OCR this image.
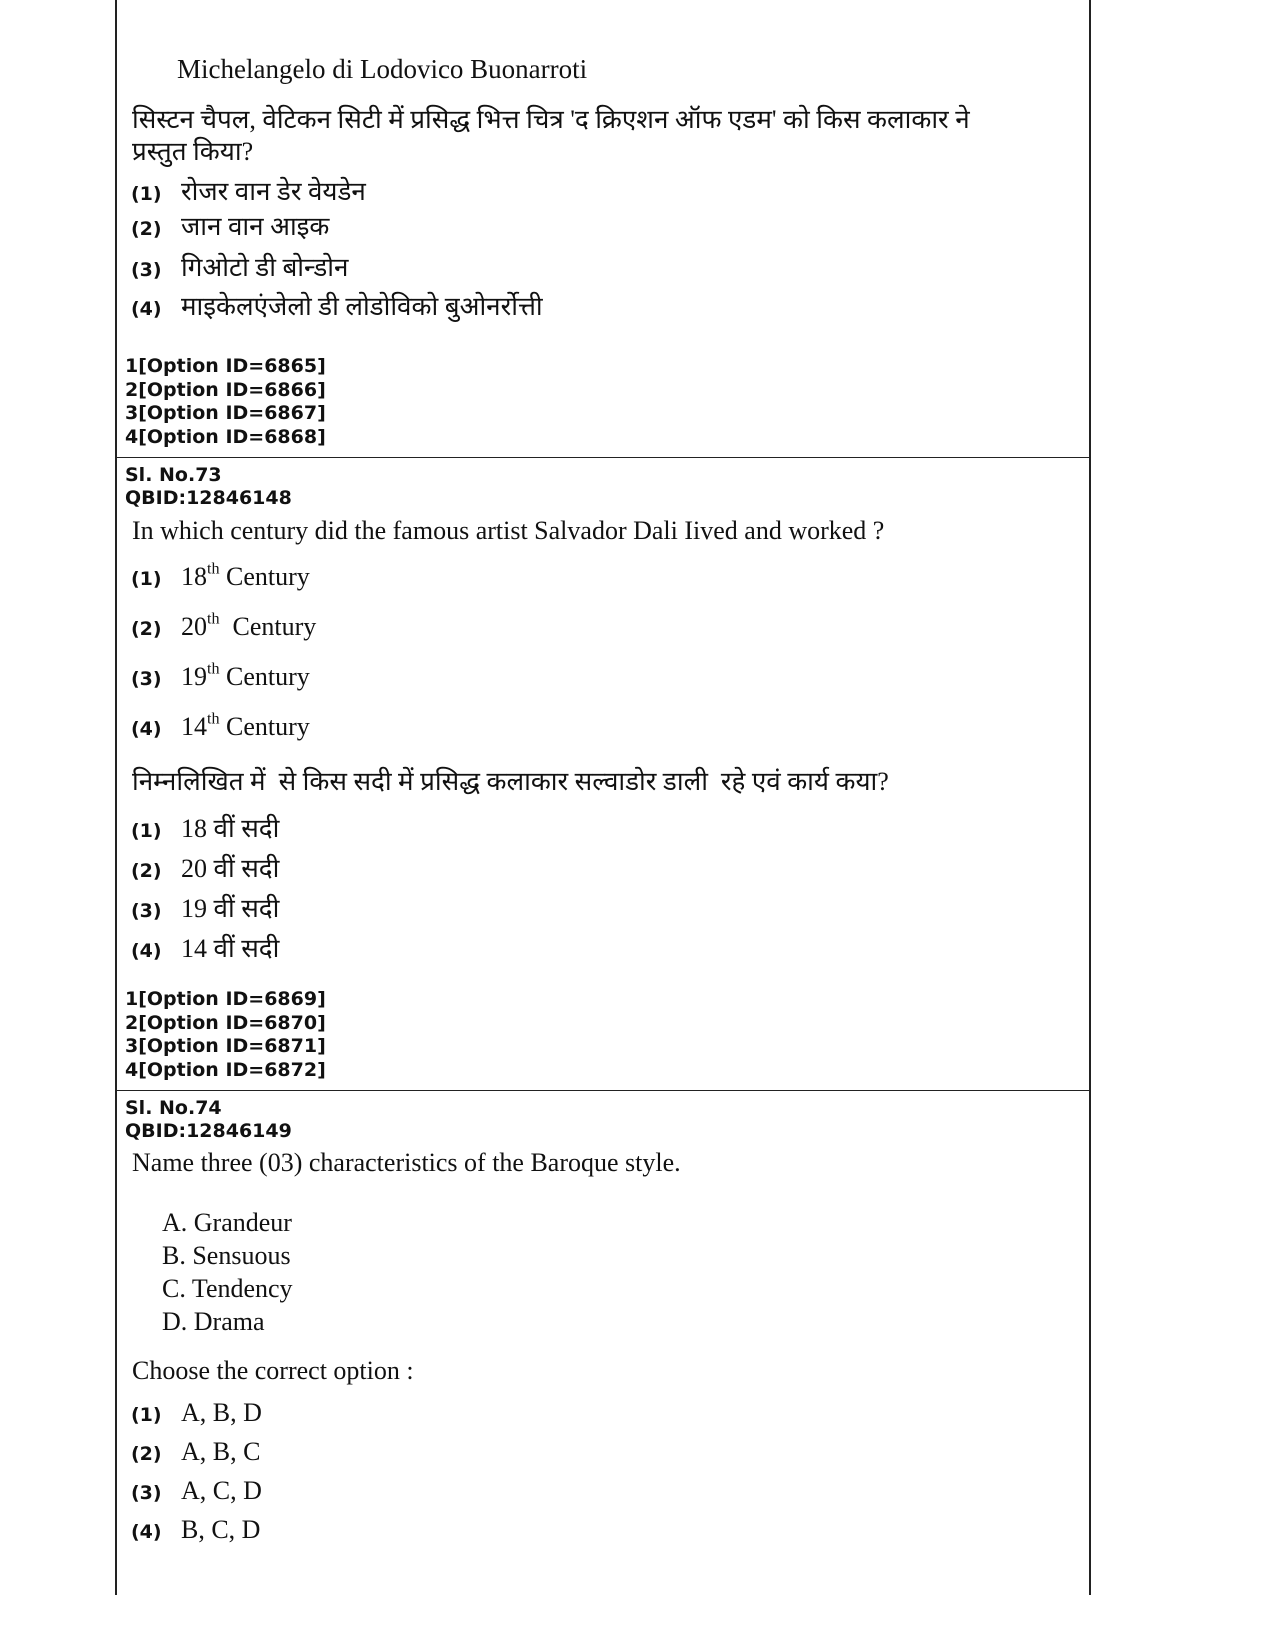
Michelangelo di Lodovico Buonarroti
सिस्टन चैपल, वेटिकन सिटी में प्रसिद्ध भित्त चित्र 'द क्रिएशन ऑफ एडम' को किस कलाकार ने प्रस्तुत किया?
(1) रोजर वान डेर वेयडेन
(2) जान वान आइक
(3) गिओटो डी बोन्डोन
(4) माइकेलएंजेलो डी लोडोविको बुओनर्रोत्ती
1[Option ID=6865]
2[Option ID=6866]
3[Option ID=6867]
4[Option ID=6868]
Sl. No.73
QBID:12846148
In which century did the famous artist Salvador Dali Iived and worked ?
(1) 18th Century
(2) 20th  Century
(3) 19th Century
(4) 14th Century
निम्नलिखित में  से किस सदी में प्रसिद्ध कलाकार सल्वाडोर डाली  रहे एवं कार्य कया?
(1) 18 वीं सदी
(2) 20 वीं सदी
(3) 19 वीं सदी
(4) 14 वीं सदी
1[Option ID=6869]
2[Option ID=6870]
3[Option ID=6871]
4[Option ID=6872]
Sl. No.74
QBID:12846149
Name three (03) characteristics of the Baroque style.
A. Grandeur
B. Sensuous
C. Tendency
D. Drama
Choose the correct option :
(1) A, B, D
(2) A, B, C
(3) A, C, D
(4) B, C, D
